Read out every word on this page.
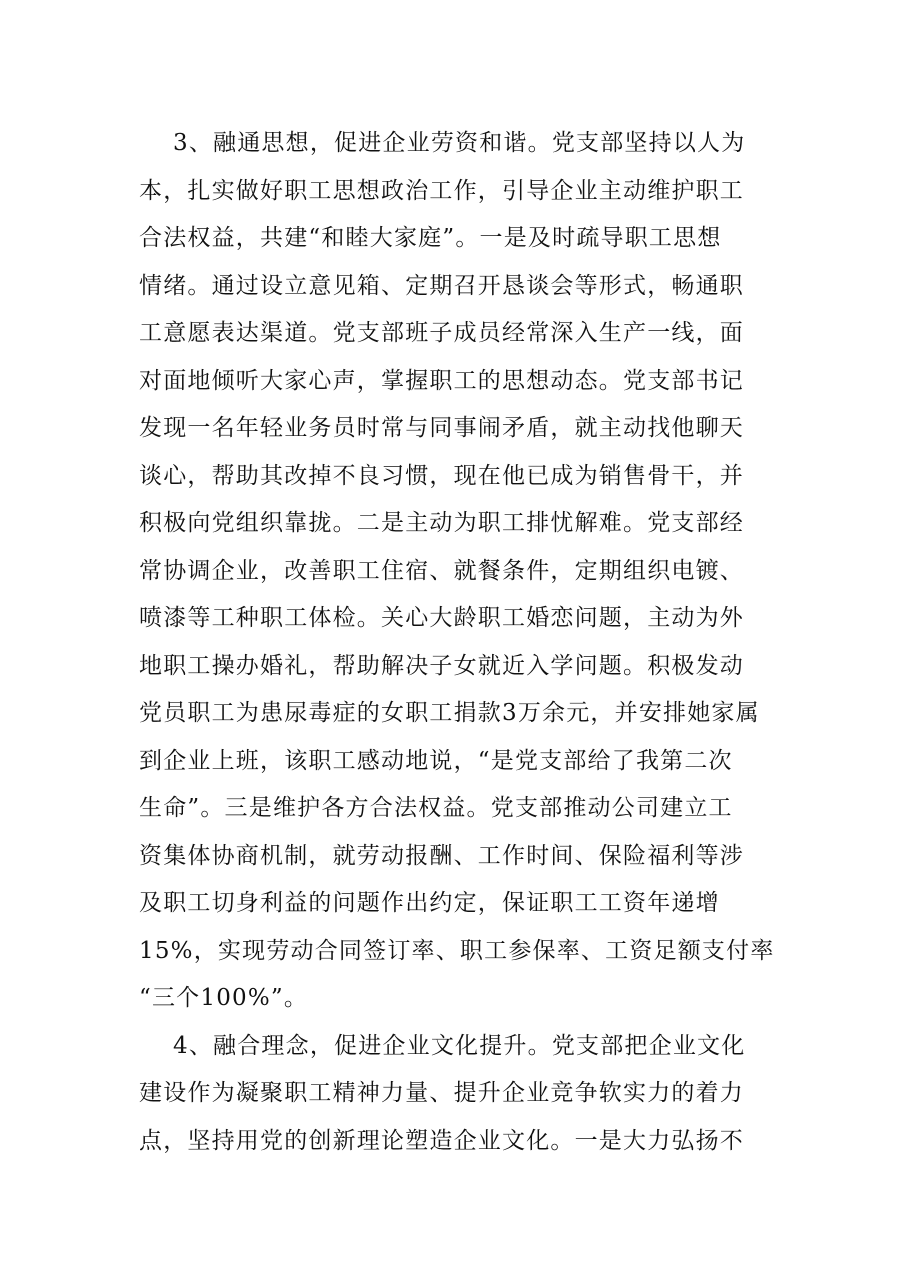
3、融通思想，促进企业劳资和谐。党支部坚持以人为
本，扎实做好职工思想政治工作，引导企业主动维护职工
合法权益，共建“和睦大家庭”。一是及时疏导职工思想
情绪。通过设立意见箱、定期召开恳谈会等形式，畅通职
工意愿表达渠道。党支部班子成员经常深入生产一线，面
对面地倾听大家心声，掌握职工的思想动态。党支部书记
发现一名年轻业务员时常与同事闹矛盾，就主动找他聊天
谈心，帮助其改掉不良习惯，现在他已成为销售骨干，并
积极向党组织靠拢。二是主动为职工排忧解难。党支部经
常协调企业，改善职工住宿、就餐条件，定期组织电镀、
喷漆等工种职工体检。关心大龄职工婚恋问题，主动为外
地职工操办婚礼，帮助解决子女就近入学问题。积极发动
党员职工为患尿毒症的女职工捐款3万余元，并安排她家属
到企业上班，该职工感动地说，“是党支部给了我第二次
生命”。三是维护各方合法权益。党支部推动公司建立工
资集体协商机制，就劳动报酬、工作时间、保险福利等涉
及职工切身利益的问题作出约定，保证职工工资年递增
15%，实现劳动合同签订率、职工参保率、工资足额支付率
“三个100%”。
4、融合理念，促进企业文化提升。党支部把企业文化
建设作为凝聚职工精神力量、提升企业竞争软实力的着力
点，坚持用党的创新理论塑造企业文化。一是大力弘扬不
